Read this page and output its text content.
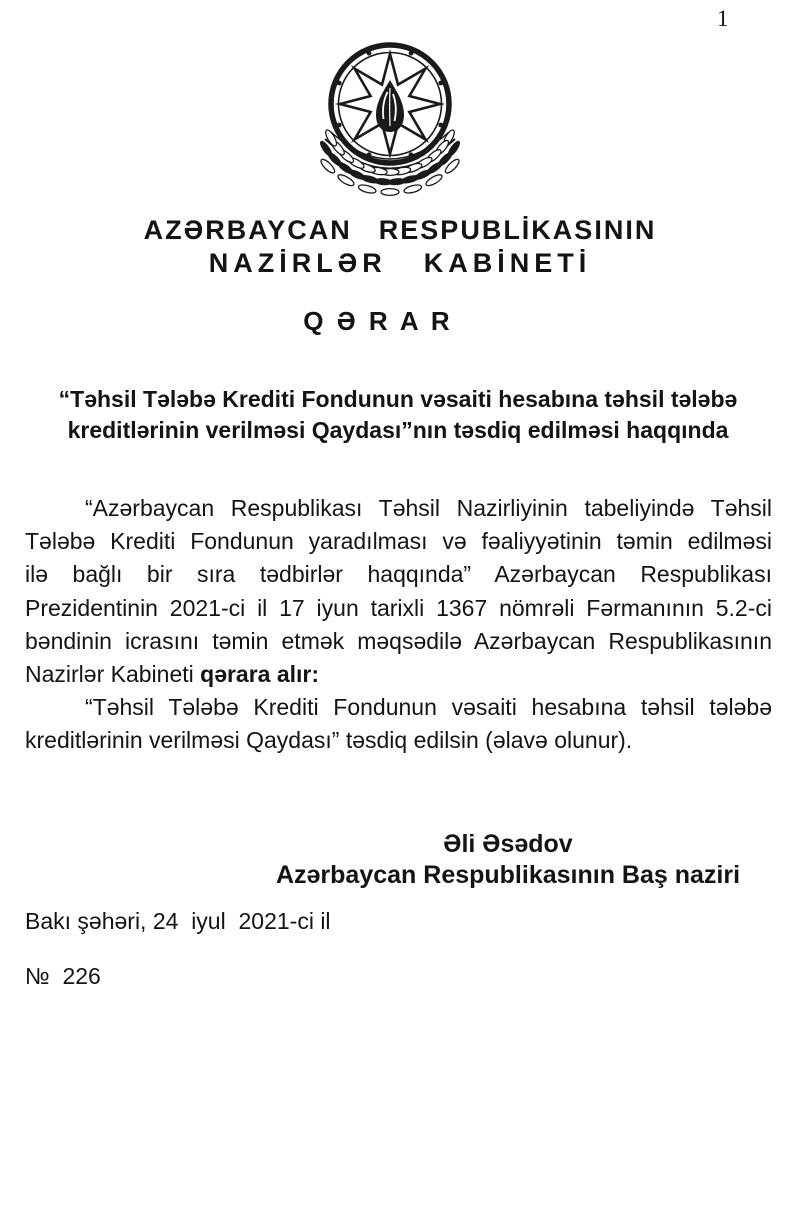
1
AZƏRBAYCAN  RESPUBLİKASININ
NAZİRLƏR  KABİNETİ
Q Ə R A R
“Təhsil Tələbə Krediti Fondunun vəsaiti hesabına təhsil tələbə
kreditlərinin verilməsi Qaydası”nın təsdiq edilməsi haqqında
“Azərbaycan Respublikası Təhsil Nazirliyinin tabeliyində Təhsil
Tələbə Krediti Fondunun yaradılması və fəaliyyətinin təmin edilməsi
ilə bağlı bir sıra tədbirlər haqqında” Azərbaycan Respublikası
Prezidentinin 2021-ci il 17 iyun tarixli 1367 nömrəli Fərmanının 5.2-ci
bəndinin icrasını təmin etmək məqsədilə Azərbaycan Respublikasının
Nazirlər Kabineti qərara alır:
“Təhsil Tələbə Krediti Fondunun vəsaiti hesabına təhsil tələbə
kreditlərinin verilməsi Qaydası” təsdiq edilsin (əlavə olunur).
Əli Əsədov
Azərbaycan Respublikasının Baş naziri
Bakı şəhəri, 24  iyul  2021-ci il
№  226
